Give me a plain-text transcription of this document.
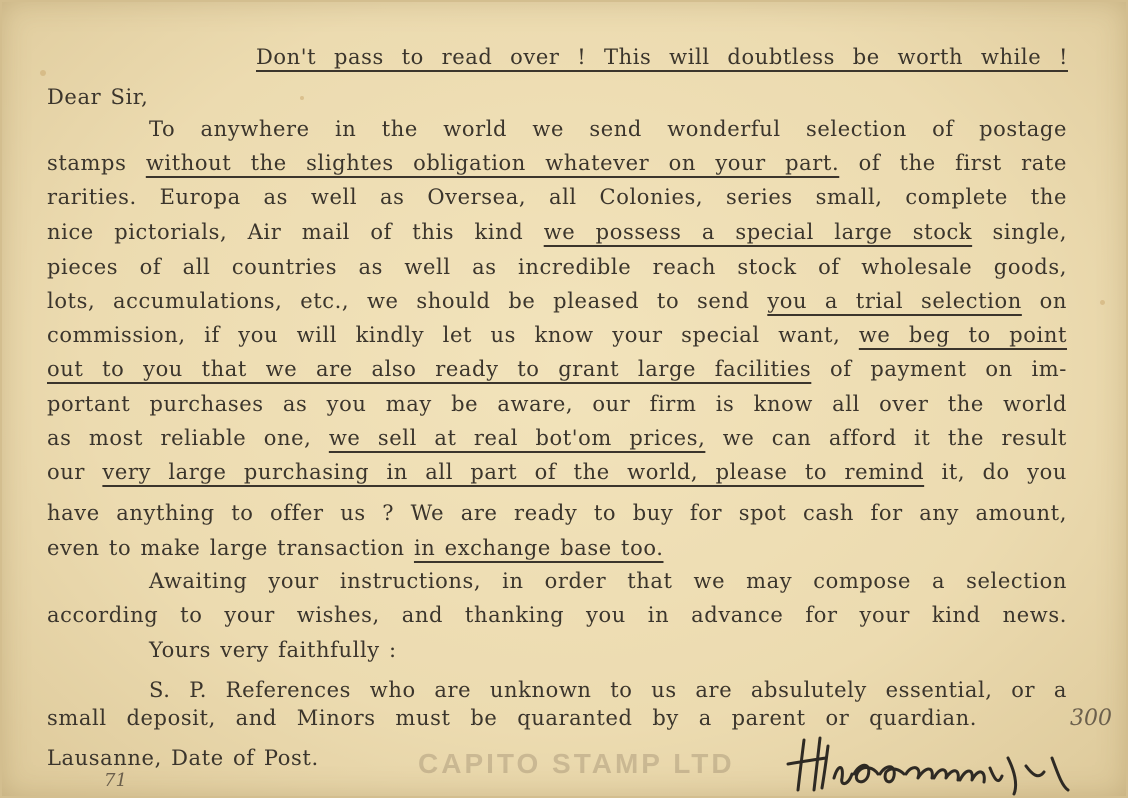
Don't pass to read over ! This will doubtless be worth while !
Dear Sir,
To anywhere in the world we send wonderful selection of postage
stamps without the slightes obligation whatever on your part. of the first rate
rarities. Europa as well as Oversea, all Colonies, series small, complete the
nice pictorials, Air mail of this kind we possess a special large stock single,
pieces of all countries as well as incredible reach stock of wholesale goods,
lots, accumulations, etc., we should be pleased to send you a trial selection on
commission, if you will kindly let us know your special want, we beg to point
out to you that we are also ready to grant large facilities of payment on im-
portant purchases as you may be aware, our firm is know all over the world
as most reliable one, we sell at real bot'om prices, we can afford it the result
our very large purchasing in all part of the world, please to remind it, do you
have anything to offer us ? We are ready to buy for spot cash for any amount,
even to make large transaction in exchange base too.
Awaiting your instructions, in order that we may compose a selection
according to your wishes, and thanking you in advance for your kind news.
Yours very faithfully :
S. P. References who are unknown to us are absulutely essential, or a
small deposit, and Minors must be quaranted by a parent or quardian.
Lausanne, Date of Post.	CAPITO STAMP LTD
300
71
